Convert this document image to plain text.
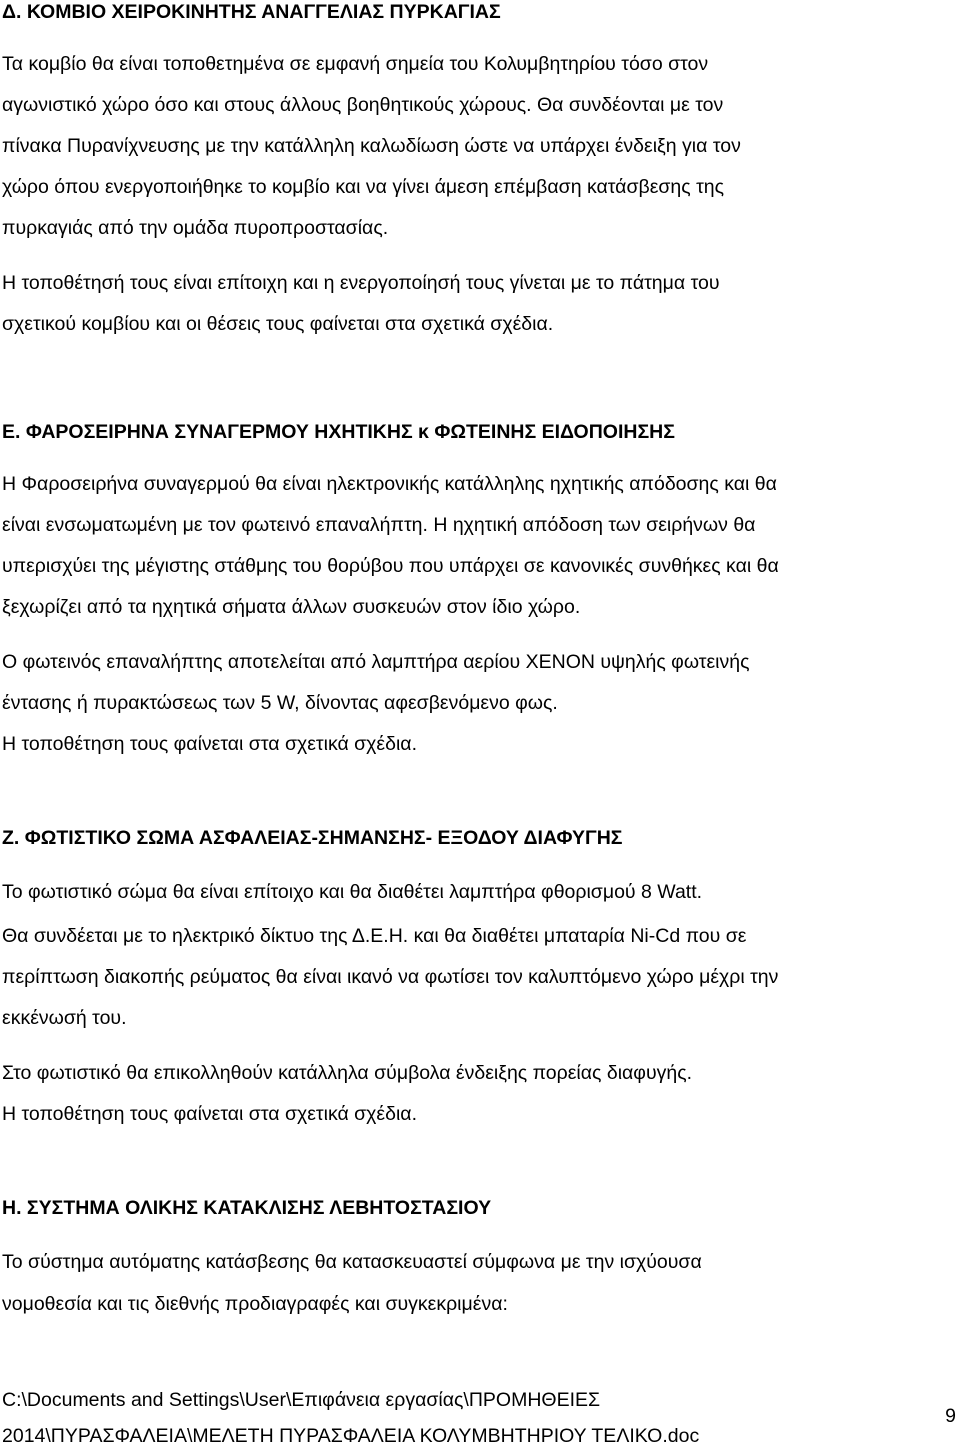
Δ. ΚΟΜΒΙΟ ΧΕΙΡΟΚΙΝΗΤΗΣ ΑΝΑΓΓΕΛΙΑΣ ΠΥΡΚΑΓΙΑΣ

Τα κομβίο θα είναι τοποθετημένα σε εμφανή σημεία του Κολυμβητηρίου τόσο στον

αγωνιστικό χώρο όσο και στους άλλους βοηθητικούς χώρους. Θα συνδέονται με τον

πίνακα Πυρανίχνευσης με την κατάλληλη καλωδίωση ώστε να υπάρχει ένδειξη για τον

χώρο όπου ενεργοποιήθηκε το κομβίο και να γίνει άμεση επέμβαση κατάσβεσης της

πυρκαγιάς από την ομάδα πυροπροστασίας.

Η τοποθέτησή τους είναι επίτοιχη και η ενεργοποίησή τους γίνεται με το πάτημα του

σχετικού κομβίου και οι θέσεις τους φαίνεται στα σχετικά σχέδια.

Ε. ΦΑΡΟΣΕΙΡΗΝΑ ΣΥΝΑΓΕΡΜΟΥ ΗΧΗΤΙΚΗΣ κ ΦΩΤΕΙΝΗΣ ΕΙΔΟΠΟΙΗΣΗΣ

Η Φαροσειρήνα συναγερμού θα είναι ηλεκτρονικής κατάλληλης ηχητικής απόδοσης και θα

είναι ενσωματωμένη με τον φωτεινό επαναλήπτη. Η ηχητική απόδοση των σειρήνων θα

υπερισχύει της μέγιστης στάθμης του θορύβου που υπάρχει σε κανονικές συνθήκες και θα

ξεχωρίζει από τα ηχητικά σήματα άλλων συσκευών στον ίδιο χώρο.

Ο φωτεινός επαναλήπτης αποτελείται από λαμπτήρα αερίου XENON υψηλής φωτεινής

έντασης ή πυρακτώσεως των 5 W, δίνοντας αφεσβενόμενο φως.

Η τοποθέτηση τους φαίνεται στα σχετικά σχέδια.

Ζ. ΦΩΤΙΣΤΙΚΟ ΣΩΜΑ ΑΣΦΑΛΕΙΑΣ-ΣΗΜΑΝΣΗΣ- ΕΞΟΔΟΥ ΔΙΑΦΥΓΗΣ

Το φωτιστικό σώμα θα είναι επίτοιχο και θα διαθέτει λαμπτήρα φθορισμού 8 Watt.

Θα συνδέεται με το ηλεκτρικό δίκτυο της Δ.Ε.Η. και θα διαθέτει μπαταρία Ni-Cd που σε

περίπτωση διακοπής ρεύματος θα είναι ικανό να φωτίσει τον καλυπτόμενο χώρο μέχρι την

εκκένωσή του.

Στο φωτιστικό θα επικολληθούν κατάλληλα σύμβολα ένδειξης πορείας διαφυγής.

Η τοποθέτηση τους φαίνεται στα σχετικά σχέδια.

Η. ΣΥΣΤΗΜΑ ΟΛΙΚΗΣ ΚΑΤΑΚΛΙΣΗΣ ΛΕΒΗΤΟΣΤΑΣΙΟΥ

Το σύστημα αυτόματης κατάσβεσης θα κατασκευαστεί σύμφωνα με την ισχύουσα

νομοθεσία και τις διεθνής προδιαγραφές και συγκεκριμένα:

C:\Documents and Settings\User\Επιφάνεια εργασίας\ΠΡΟΜΗΘΕΙΕΣ

2014\ΠΥΡΑΣΦΑΛΕΙΑ\ΜΕΛΕΤΗ ΠΥΡΑΣΦΑΛΕΙΑ ΚΟΛΥΜΒΗΤΗΡΙΟΥ ΤΕΛΙΚΟ.doc

9
